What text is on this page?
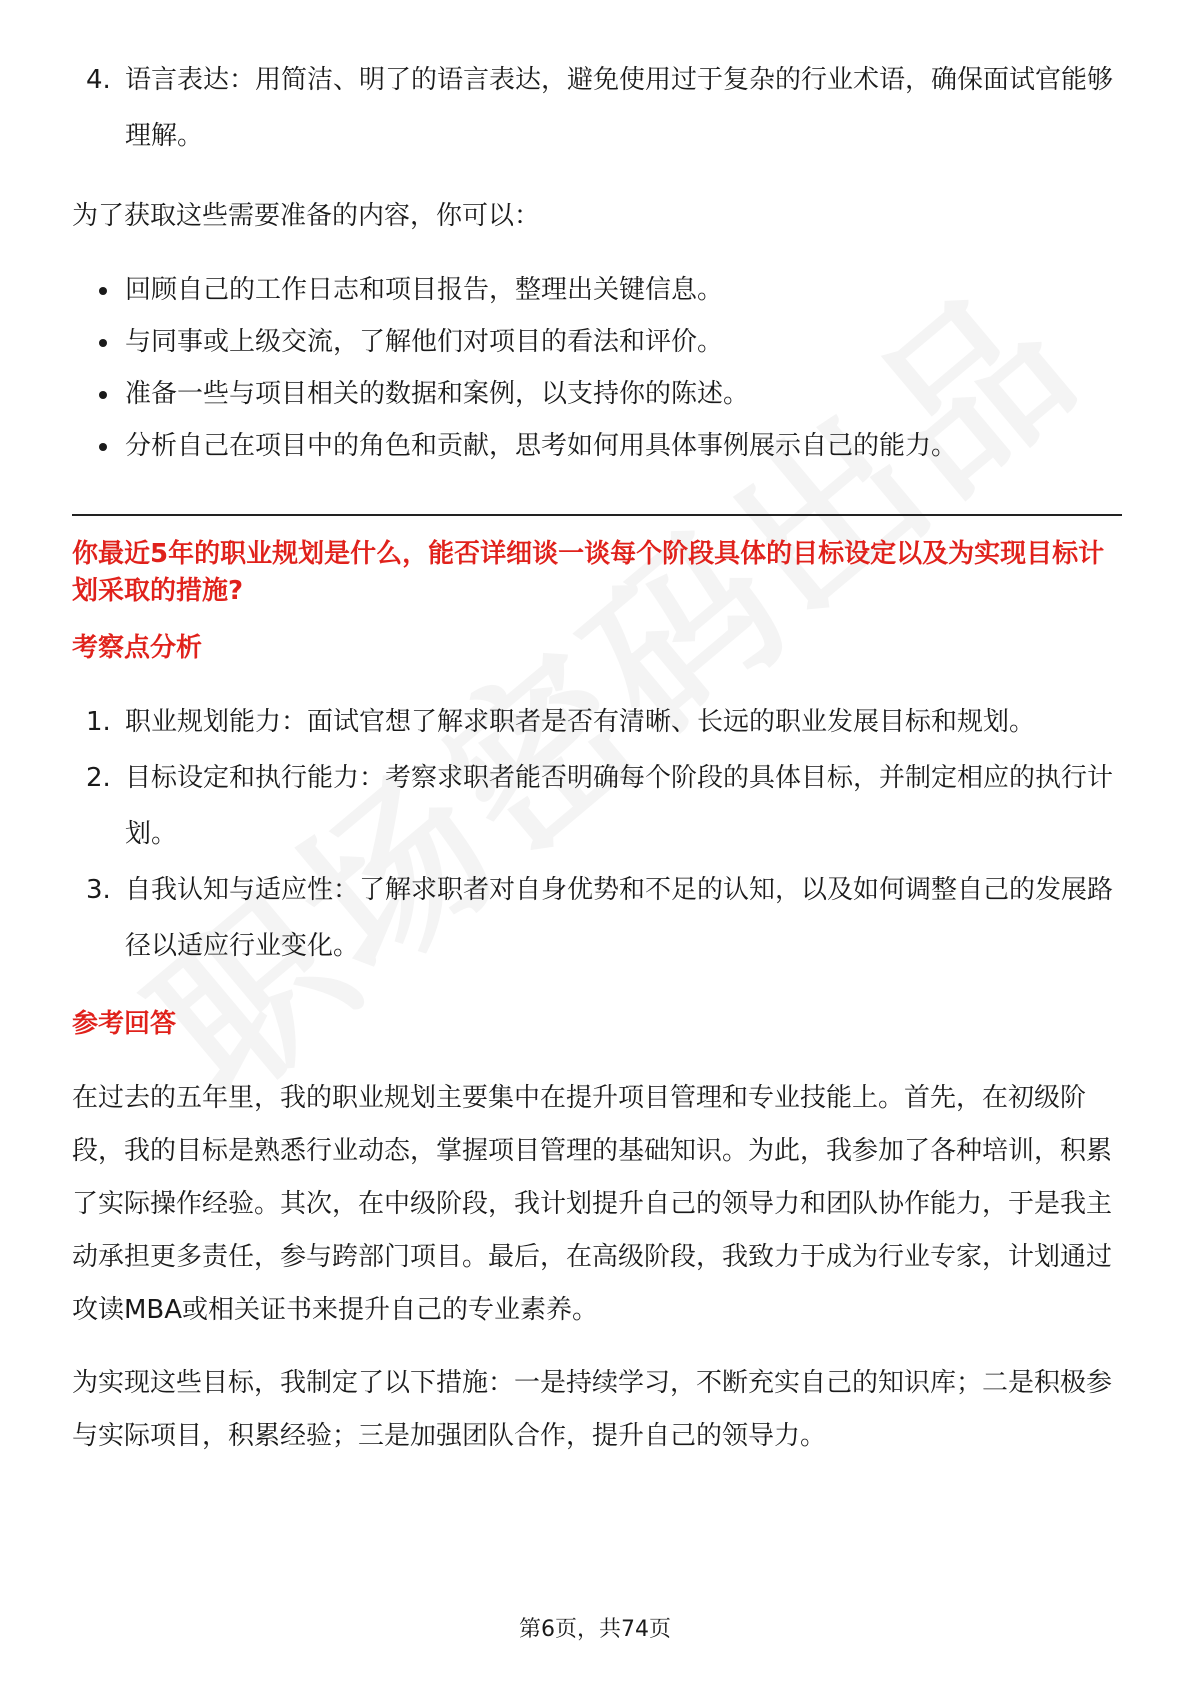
4. 语言表达：用简洁、明了的语言表达，避免使用过于复杂的行业术语，确保面试官能够理解。

为了获取这些需要准备的内容，你可以：

回顾自己的工作日志和项目报告，整理出关键信息。
与同事或上级交流，了解他们对项目的看法和评价。
准备一些与项目相关的数据和案例，以支持你的陈述。
分析自己在项目中的角色和贡献，思考如何用具体事例展示自己的能力。
你最近5年的职业规划是什么，能否详细谈一谈每个阶段具体的目标设定以及为实现目标计划采取的措施?
考察点分析
1. 职业规划能力：面试官想了解求职者是否有清晰、长远的职业发展目标和规划。
2. 目标设定和执行能力：考察求职者能否明确每个阶段的具体目标，并制定相应的执行计划。
3. 自我认知与适应性：了解求职者对自身优势和不足的认知，以及如何调整自己的发展路径以适应行业变化。
参考回答

在过去的五年里，我的职业规划主要集中在提升项目管理和专业技能上。首先，在初级阶段，我的目标是熟悉行业动态，掌握项目管理的基础知识。为此，我参加了各种培训，积累了实际操作经验。其次，在中级阶段，我计划提升自己的领导力和团队协作能力，于是我主动承担更多责任，参与跨部门项目。最后，在高级阶段，我致力于成为行业专家，计划通过攻读MBA或相关证书来提升自己的专业素养。

为实现这些目标，我制定了以下措施：一是持续学习，不断充实自己的知识库；二是积极参与实际项目，积累经验；三是加强团队合作，提升自己的领导力。

第6页，共74页
